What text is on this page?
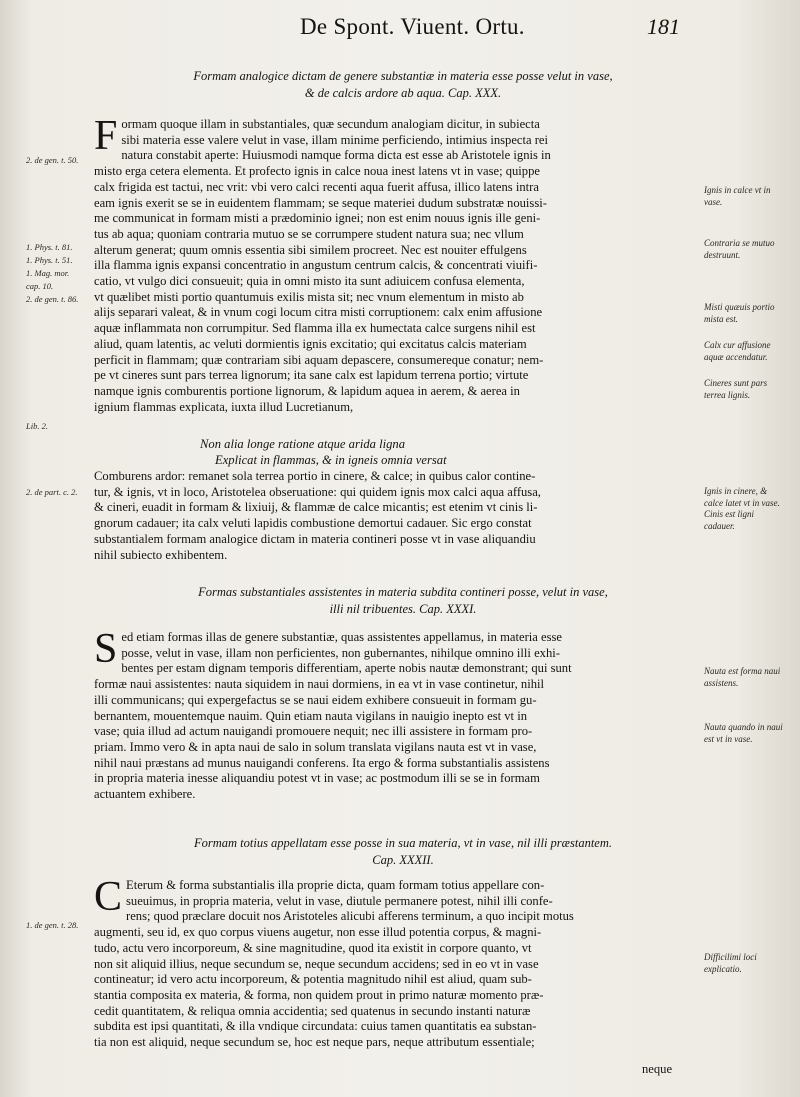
De Spont. Viuent. Ortu.	181
Formam analogice dictam de genere substantiæ in materia esse posse velut in vase,
& de calcis ardore ab aqua. Cap. XXX.
F ormam quoque illam in substantiales, quæ secundum analogiam dicitur, in subiecta
sibi materia esse valere velut in vase, illam minime perficiendo, intimius inspecta rei
natura constabit aperte: Huiusmodi namque forma dicta est esse ab Aristotele ignis in
misto erga cetera elementa. Et profecto ignis in calce noua inest latens vt in vase; quippe
calx frigida est tactui, nec vrit: vbi vero calci recenti aqua fuerit affusa, illico latens intra
eam ignis exerit se se in euidentem flammam; se seque materiei dudum substratæ nouissi-
me communicat in formam misti a prædominio ignei; non est enim nouus ignis ille geni-
tus ab aqua; quoniam contraria mutuo se se corrumpere student natura sua; nec vllum
alterum generat; quum omnis essentia sibi similem procreet. Nec est nouiter effulgens
illa flamma ignis expansi concentratio in angustum centrum calcis, & concentrati viuifi-
catio, vt vulgo dici consueuit; quia in omni misto ita sunt adiuicem confusa elementa,
vt quælibet misti portio quantumuis exilis mista sit; nec vnum elementum in misto ab
alijs separari valeat, & in vnum cogi locum citra misti corruptionem: calx enim affusione
aquæ inflammata non corrumpitur. Sed flamma illa ex humectata calce surgens nihil est
aliud, quam latentis, ac veluti dormientis ignis excitatio; qui excitatus calcis materiam
perficit in flammam; quæ contrariam sibi aquam depascere, consumereque conatur; nem-
pe vt cineres sunt pars terrea lignorum; ita sane calx est lapidum terrena portio; virtute
namque ignis comburentis portione lignorum, & lapidum aquea in aerem, & aerea in
ignium flammas explicata, iuxta illud Lucretianum,
Non alia longe ratione atque arida ligna
Explicat in flammas, & in igneis omnia versat
Comburens ardor: remanet sola terrea portio in cinere, & calce; in quibus calor contine-
tur, & ignis, vt in loco, Aristotelea obseruatione: qui quidem ignis mox calci aqua affusa,
& cineri, euadit in formam & lixiuij, & flammæ de calce micantis; est etenim vt cinis li-
gnorum cadauer; ita calx veluti lapidis combustione demortui cadauer. Sic ergo constat
substantialem formam analogice dictam in materia contineri posse vt in vase aliquandiu
nihil subiecto exhibentem.
Formas substantiales assistentes in materia subdita contineri posse, velut in vase,
illi nil tribuentes. Cap. XXXI.
S ed etiam formas illas de genere substantiæ, quas assistentes appellamus, in materia esse
posse, velut in vase, illam non perficientes, non gubernantes, nihilque omnino illi exhi-
bentes per estam dignam temporis differentiam, aperte nobis nautæ demonstrant; qui sunt
formæ naui assistentes: nauta siquidem in naui dormiens, in ea vt in vase continetur, nihil
illi communicans; qui expergefactus se se naui eidem exhibere consueuit in formam gu-
bernantem, mouentemque nauim. Quin etiam nauta vigilans in nauigio inepto est vt in
vase; quia illud ad actum nauigandi promouere nequit; nec illi assistere in formam pro-
priam. Immo vero & in apta naui de salo in solum translata vigilans nauta est vt in vase,
nihil naui præstans ad munus nauigandi conferens. Ita ergo & forma substantialis assistens
in propria materia inesse aliquandiu potest vt in vase; ac postmodum illi se se in formam
actuantem exhibere.
Formam totius appellatam esse posse in sua materia, vt in vase, nil illi præstantem.
Cap. XXXII.
C Eterum & forma substantialis illa proprie dicta, quam formam totius appellare con-
sueuimus, in propria materia, velut in vase, diutule permanere potest, nihil illi confe-
rens; quod præclare docuit nos Aristoteles alicubi afferens terminum, a quo incipit motus
augmenti, seu id, ex quo corpus viuens augetur, non esse illud potentia corpus, & magni-
tudo, actu vero incorporeum, & sine magnitudine, quod ita existit in corpore quanto, vt
non sit aliquid illius, neque secundum se, neque secundum accidens; sed in eo vt in vase
contineatur; id vero actu incorporeum, & potentia magnitudo nihil est aliud, quam sub-
stantia composita ex materia, & forma, non quidem prout in primo naturæ momento præ-
cedit quantitatem, & reliqua omnia accidentia; sed quatenus in secundo instanti naturæ
subdita est ipsi quantitati, & illa vndique circundata: cuius tamen quantitatis ea substan-
tia non est aliquid, neque secundum se, hoc est neque pars, neque attributum essentiale;
neque
2. de gen. t. 50.
1. Phys. t. 81.
1. Phys. t. 51.
1. Mag. mor.
cap. 10.
2. de gen. t. 86.
Lib. 2.
2. de part. c. 2.
1. de gen. t. 28.
Ignis in calce vt in vase.
Contraria se mutuo destruunt.
Misti quæuis portio mista est.
Calx cur affusione aquæ accendatur.
Cineres sunt pars terrea lignis.
Ignis in cinere, & calce latet vt in vase. Cinis est ligni cadauer.
Nauta est forma naui assistens.
Nauta quando in naui est vt in vase.
Difficilimi loci explicatio.
